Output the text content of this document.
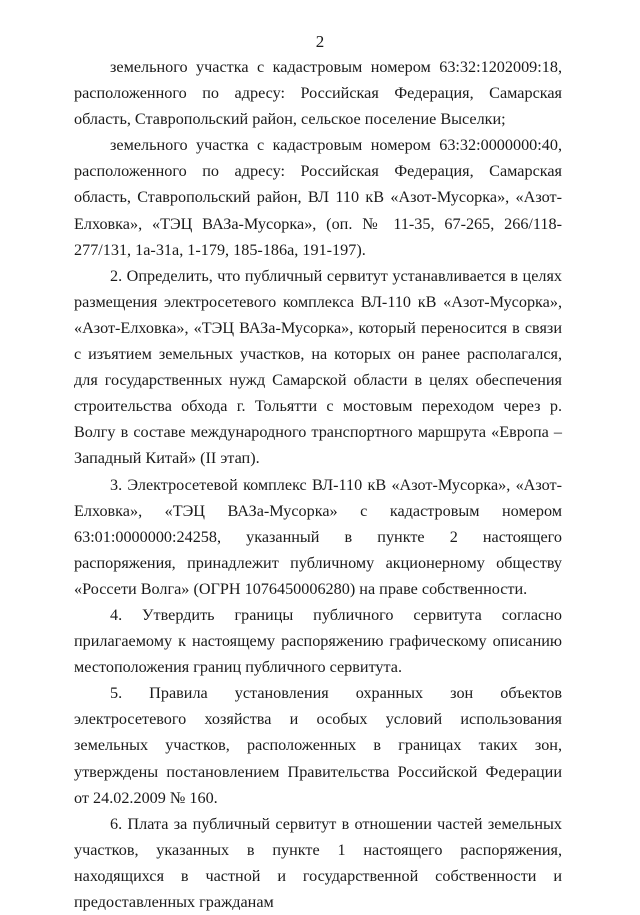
2

земельного участка с кадастровым номером 63:32:1202009:18, расположенного по адресу: Российская Федерация, Самарская область, Ставропольский район, сельское поселение Выселки;

земельного участка с кадастровым номером 63:32:0000000:40, расположенного по адресу: Российская Федерация, Самарская область, Ставропольский район, ВЛ 110 кВ «Азот-Мусорка», «Азот-Елховка», «ТЭЦ ВАЗа-Мусорка», (оп. № 11-35, 67-265, 266/118-277/131, 1а-31а, 1-179, 185-186а, 191-197).

2. Определить, что публичный сервитут устанавливается в целях размещения электросетевого комплекса ВЛ-110 кВ «Азот-Мусорка», «Азот-Елховка», «ТЭЦ ВАЗа-Мусорка», который переносится в связи с изъятием земельных участков, на которых он ранее располагался, для государственных нужд Самарской области в целях обеспечения строительства обхода г. Тольятти с мостовым переходом через р. Волгу в составе международного транспортного маршрута «Европа – Западный Китай» (II этап).

3. Электросетевой комплекс ВЛ-110 кВ «Азот-Мусорка», «Азот-Елховка», «ТЭЦ ВАЗа-Мусорка» с кадастровым номером 63:01:0000000:24258, указанный в пункте 2 настоящего распоряжения, принадлежит публичному акционерному обществу «Россети Волга» (ОГРН 1076450006280) на праве собственности.

4. Утвердить границы публичного сервитута согласно прилагаемому к настоящему распоряжению графическому описанию местоположения границ публичного сервитута.

5. Правила установления охранных зон объектов электросетевого хозяйства и особых условий использования земельных участков, расположенных в границах таких зон, утверждены постановлением Правительства Российской Федерации от 24.02.2009 № 160.

6. Плата за публичный сервитут в отношении частей земельных участков, указанных в пункте 1 настоящего распоряжения, находящихся в частной и государственной собственности и предоставленных гражданам
